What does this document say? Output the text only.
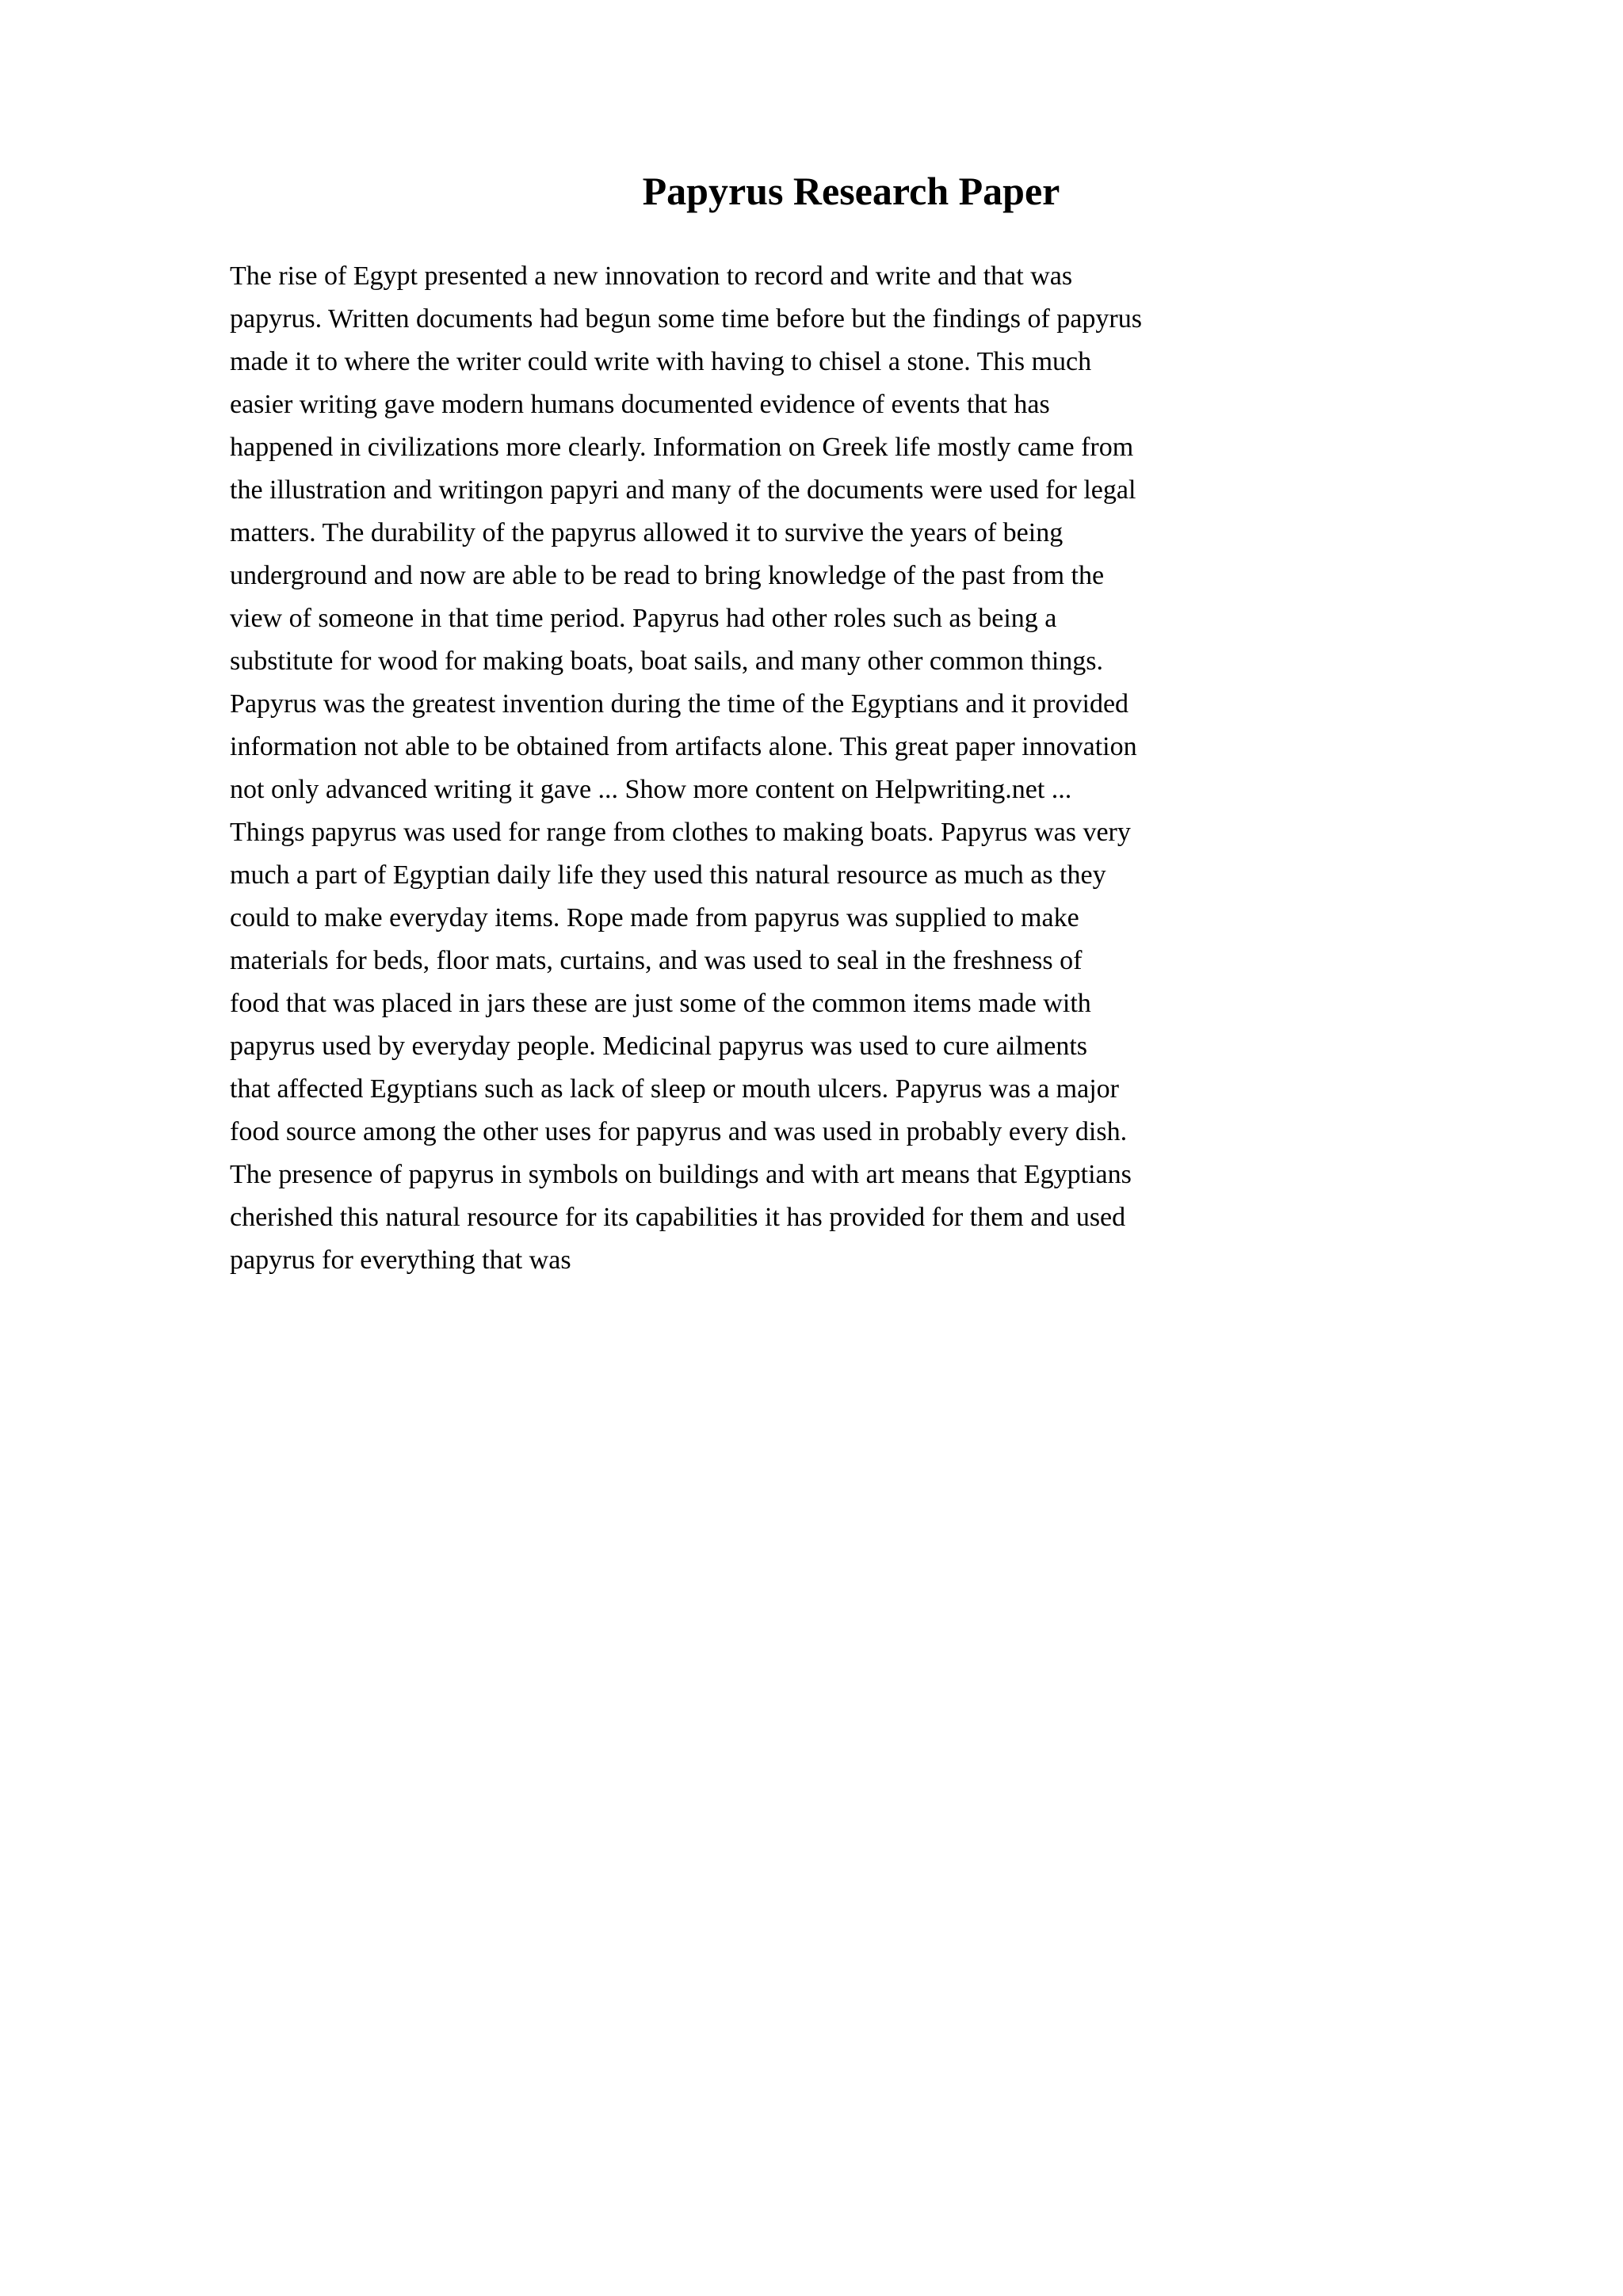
Papyrus Research Paper
The rise of Egypt presented a new innovation to record and write and that was
papyrus. Written documents had begun some time before but the findings of papyrus
made it to where the writer could write with having to chisel a stone. This much
easier writing gave modern humans documented evidence of events that has
happened in civilizations more clearly. Information on Greek life mostly came from
the illustration and writingon papyri and many of the documents were used for legal
matters. The durability of the papyrus allowed it to survive the years of being
underground and now are able to be read to bring knowledge of the past from the
view of someone in that time period. Papyrus had other roles such as being a
substitute for wood for making boats, boat sails, and many other common things.
Papyrus was the greatest invention during the time of the Egyptians and it provided
information not able to be obtained from artifacts alone. This great paper innovation
not only advanced writing it gave ... Show more content on Helpwriting.net ...
Things papyrus was used for range from clothes to making boats. Papyrus was very
much a part of Egyptian daily life they used this natural resource as much as they
could to make everyday items. Rope made from papyrus was supplied to make
materials for beds, floor mats, curtains, and was used to seal in the freshness of
food that was placed in jars these are just some of the common items made with
papyrus used by everyday people. Medicinal papyrus was used to cure ailments
that affected Egyptians such as lack of sleep or mouth ulcers. Papyrus was a major
food source among the other uses for papyrus and was used in probably every dish.
The presence of papyrus in symbols on buildings and with art means that Egyptians
cherished this natural resource for its capabilities it has provided for them and used
papyrus for everything that was
